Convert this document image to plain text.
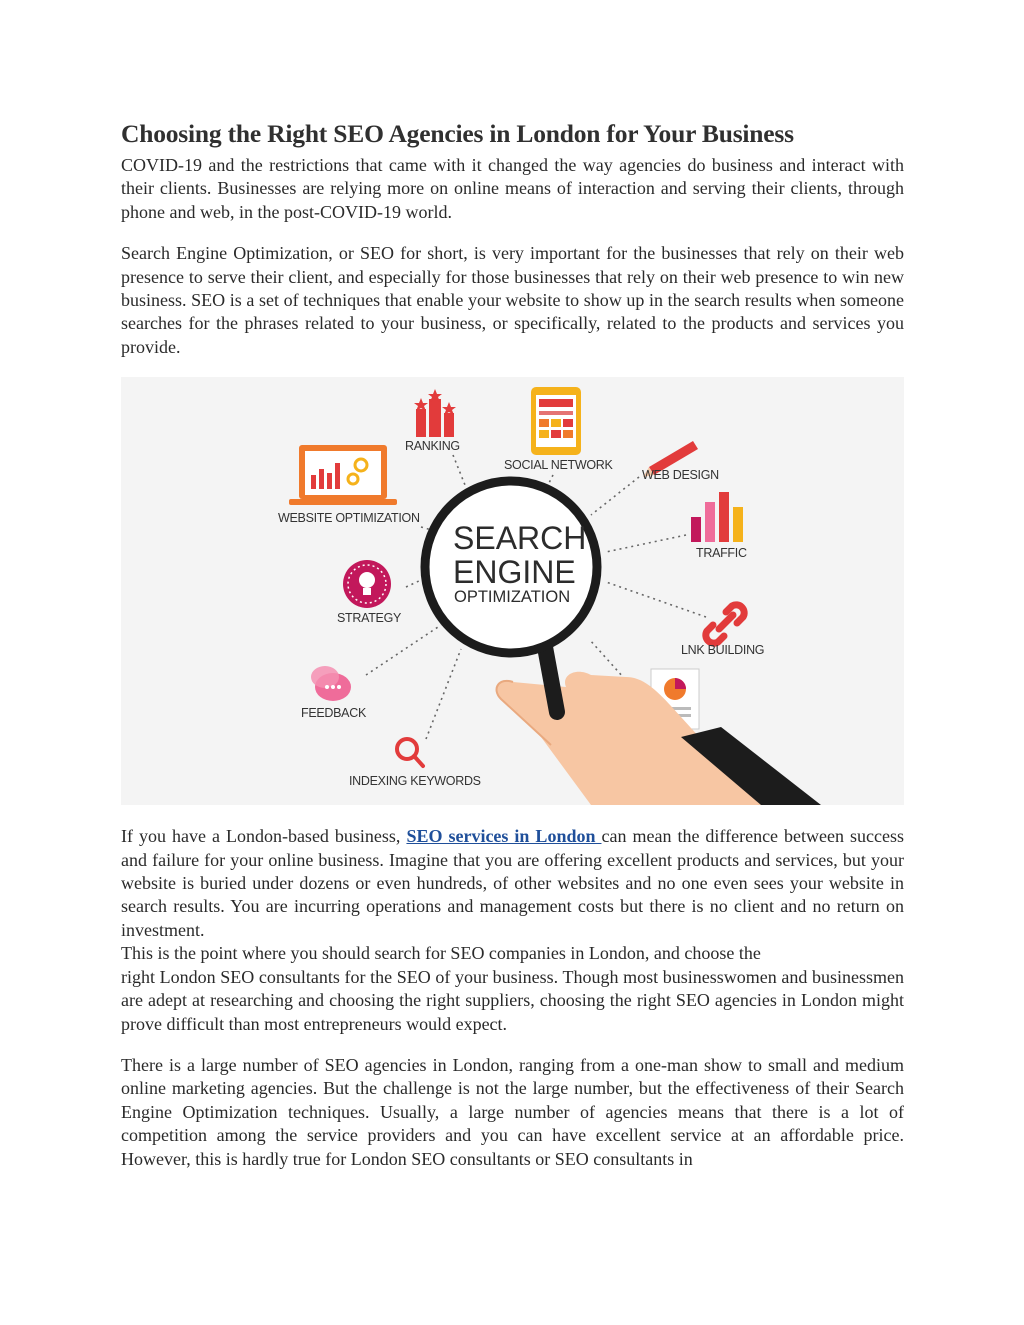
Choosing the Right SEO Agencies in London for Your Business

COVID-19 and the restrictions that came with it changed the way agencies do business and interact with their clients. Businesses are relying more on online means of interaction and serving their clients, through phone and web, in the post-COVID-19 world.

Search Engine Optimization, or SEO for short, is very important for the businesses that rely on their web presence to serve their client, and especially for those businesses that rely on their web presence to win new business. SEO is a set of techniques that enable your website to show up in the search results when someone searches for the phrases related to your business, or specifically, related to the products and services you provide.

RANKING
SOCIAL NETWORK
WEB DESIGN
WEBSITE OPTIMIZATION
TRAFFIC
STRATEGY
LNK BUILDING
FEEDBACK
INDEXING KEYWORDS
SEARCH
ENGINE
OPTIMIZATION

If you have a London-based business, SEO services in London can mean the difference between success and failure for your online business. Imagine that you are offering excellent products and services, but your website is buried under dozens or even hundreds, of other websites and no one even sees your website in search results. You are incurring operations and management costs but there is no client and no return on investment.

This is the point where you should search for SEO companies in London, and choose the
right London SEO consultants for the SEO of your business. Though most businesswomen and businessmen are adept at researching and choosing the right suppliers, choosing the right SEO agencies in London might prove difficult than most entrepreneurs would expect.

There is a large number of SEO agencies in London, ranging from a one-man show to small and medium online marketing agencies. But the challenge is not the large number, but the effectiveness of their Search Engine Optimization techniques. Usually, a large number of agencies means that there is a lot of competition among the service providers and you can have excellent service at an affordable price. However, this is hardly true for London SEO consultants or SEO consultants in
